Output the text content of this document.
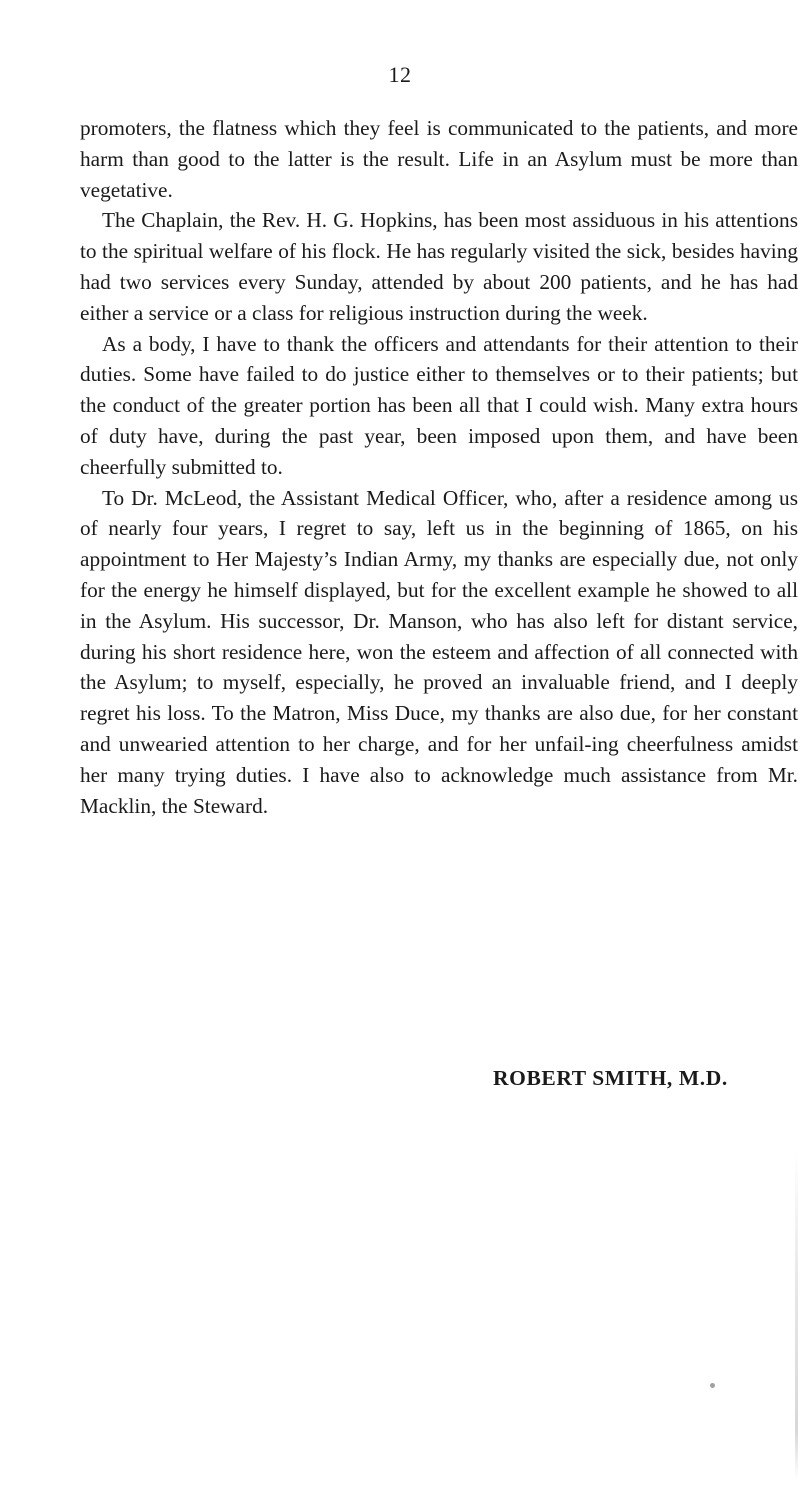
12

promoters, the flatness which they feel is communicated to the patients, and more harm than good to the latter is the result. Life in an Asylum must be more than vegetative.

The Chaplain, the Rev. H. G. Hopkins, has been most assiduous in his attentions to the spiritual welfare of his flock. He has regularly visited the sick, besides having had two services every Sunday, attended by about 200 patients, and he has had either a service or a class for religious instruction during the week.

As a body, I have to thank the officers and attendants for their attention to their duties. Some have failed to do justice either to themselves or to their patients; but the conduct of the greater portion has been all that I could wish. Many extra hours of duty have, during the past year, been imposed upon them, and have been cheerfully submitted to.

To Dr. McLeod, the Assistant Medical Officer, who, after a residence among us of nearly four years, I regret to say, left us in the beginning of 1865, on his appointment to Her Majesty’s Indian Army, my thanks are especially due, not only for the energy he himself displayed, but for the excellent example he showed to all in the Asylum. His successor, Dr. Manson, who has also left for distant service, during his short residence here, won the esteem and affection of all connected with the Asylum; to myself, especially, he proved an invaluable friend, and I deeply regret his loss. To the Matron, Miss Duce, my thanks are also due, for her constant and unwearied attention to her charge, and for her unfail-ing cheerfulness amidst her many trying duties. I have also to acknowledge much assistance from Mr. Macklin, the Steward.

ROBERT SMITH, M.D.
